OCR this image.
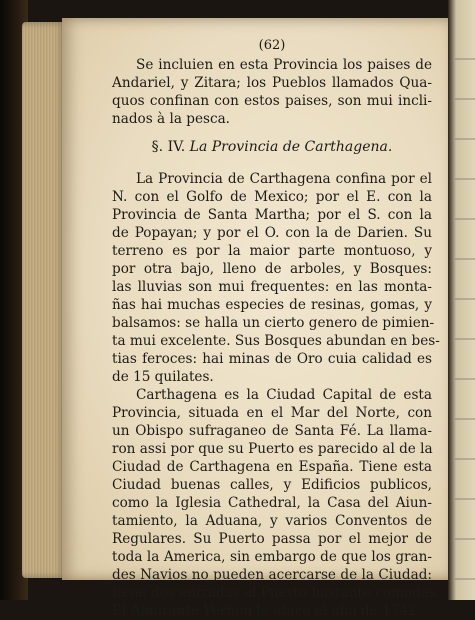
(62)

Se incluien en esta Provincia los paises de
Andariel, y Zitara; los Pueblos llamados Qua-
quos confinan con estos paises, son mui incli-
nados à la pesca.

§. IV. La Provincia de Carthagena.

La Provincia de Carthagena confina por el
N. con el Golfo de Mexico; por el E. con la
Provincia de Santa Martha; por el S. con la
de Popayan; y por el O. con la de Darien. Su
terreno es por la maior parte montuoso, y
por otra bajo, lleno de arboles, y Bosques:
las lluvias son mui frequentes: en las monta-
ñas hai muchas especies de resinas, gomas, y
balsamos: se halla un cierto genero de pimien-
ta mui excelente. Sus Bosques abundan en bes-
tias feroces: hai minas de Oro cuia calidad es
de 15 quilates.

Carthagena es la Ciudad Capital de esta
Provincia, situada en el Mar del Norte, con
un Obispo sufraganeo de Santa Fé. La llama-
ron assi por que su Puerto es parecido al de la
Ciudad de Carthagena en España. Tiene esta
Ciudad buenas calles, y Edificios publicos,
como la Iglesia Cathedral, la Casa del Aiun-
tamiento, la Aduana, y varios Conventos de
Regulares. Su Puerto passa por el mejor de
toda la America, sin embargo de que los gran-
des Navios no pueden acercarse de la Ciudad:
tiene dos entradas al Puerto bastante comodas.
El Almirante Vernon le atacò el año de 1742,
